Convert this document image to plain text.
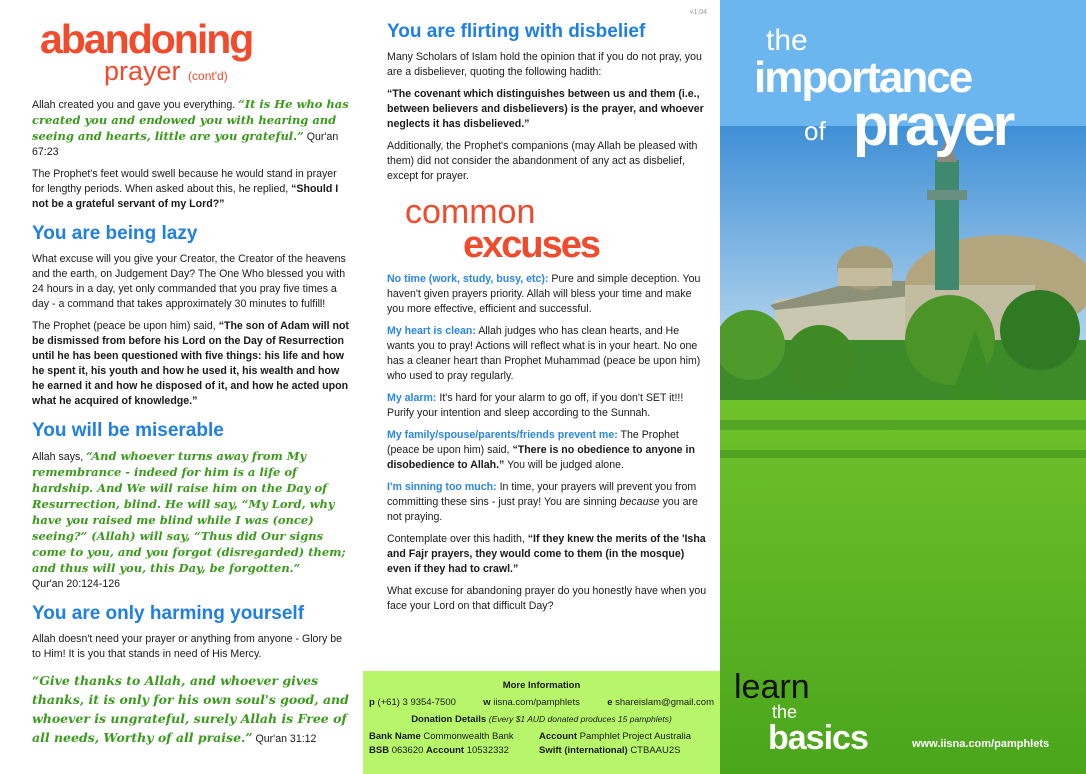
abandoning
prayer (cont'd)

Allah created you and gave you everything. “It is He who has created you and endowed you with hearing and seeing and hearts, little are you grateful.” Qur'an 67:23

The Prophet's feet would swell because he would stand in prayer for lengthy periods. When asked about this, he replied, “Should I not be a grateful servant of my Lord?”

You are being lazy

What excuse will you give your Creator, the Creator of the heavens and the earth, on Judgement Day? The One Who blessed you with 24 hours in a day, yet only commanded that you pray five times a day - a command that takes approximately 30 minutes to fulfill!

The Prophet (peace be upon him) said, “The son of Adam will not be dismissed from before his Lord on the Day of Resurrection until he has been questioned with five things: his life and how he spent it, his youth and how he used it, his wealth and how he earned it and how he disposed of it, and how he acted upon what he acquired of knowledge.”

You will be miserable

Allah says, “And whoever turns away from My remembrance - indeed for him is a life of hardship. And We will raise him on the Day of Resurrection, blind. He will say, “My Lord, why have you raised me blind while I was (once) seeing?” (Allah) will say, “Thus did Our signs come to you, and you forgot (disregarded) them; and thus will you, this Day, be forgotten.”
Qur'an 20:124-126

You are only harming yourself

Allah doesn't need your prayer or anything from anyone - Glory be to Him! It is you that stands in need of His Mercy.

“Give thanks to Allah, and whoever gives thanks, it is only for his own soul's good, and whoever is ungrateful, surely Allah is Free of all needs, Worthy of all praise.” Qur'an 31:12

v1.04
You are flirting with disbelief

Many Scholars of Islam hold the opinion that if you do not pray, you are a disbeliever, quoting the following hadith:

“The covenant which distinguishes between us and them (i.e., between believers and disbelievers) is the prayer, and whoever neglects it has disbelieved.”

Additionally, the Prophet's companions (may Allah be pleased with them) did not consider the abandonment of any act as disbelief, except for prayer.

common
excuses

No time (work, study, busy, etc): Pure and simple deception. You haven't given prayers priority. Allah will bless your time and make you more effective, efficient and successful.

My heart is clean: Allah judges who has clean hearts, and He wants you to pray! Actions will reflect what is in your heart. No one has a cleaner heart than Prophet Muhammad (peace be upon him) who used to pray regularly.

My alarm: It's hard for your alarm to go off, if you don't SET it!!! Purify your intention and sleep according to the Sunnah.

My family/spouse/parents/friends prevent me: The Prophet (peace be upon him) said, “There is no obedience to anyone in disobedience to Allah.” You will be judged alone.

I'm sinning too much: In time, your prayers will prevent you from committing these sins - just pray! You are sinning because you are not praying.

Contemplate over this hadith, “If they knew the merits of the 'Isha and Fajr prayers, they would come to them (in the mosque) even if they had to crawl.”

What excuse for abandoning prayer do you honestly have when you face your Lord on that difficult Day?

More Information
p (+61) 3 9354-7500	w iisna.com/pamphlets	e shareislam@gmail.com
Donation Details (Every $1 AUD donated produces 15 pamphlets)
Bank Name Commonwealth Bank
BSB 063620 Account 10532332
Account Pamphlet Project Australia
Swift (international) CTBAAU2S
the
importance
of prayer
learn
the
basics	www.iisna.com/pamphlets
